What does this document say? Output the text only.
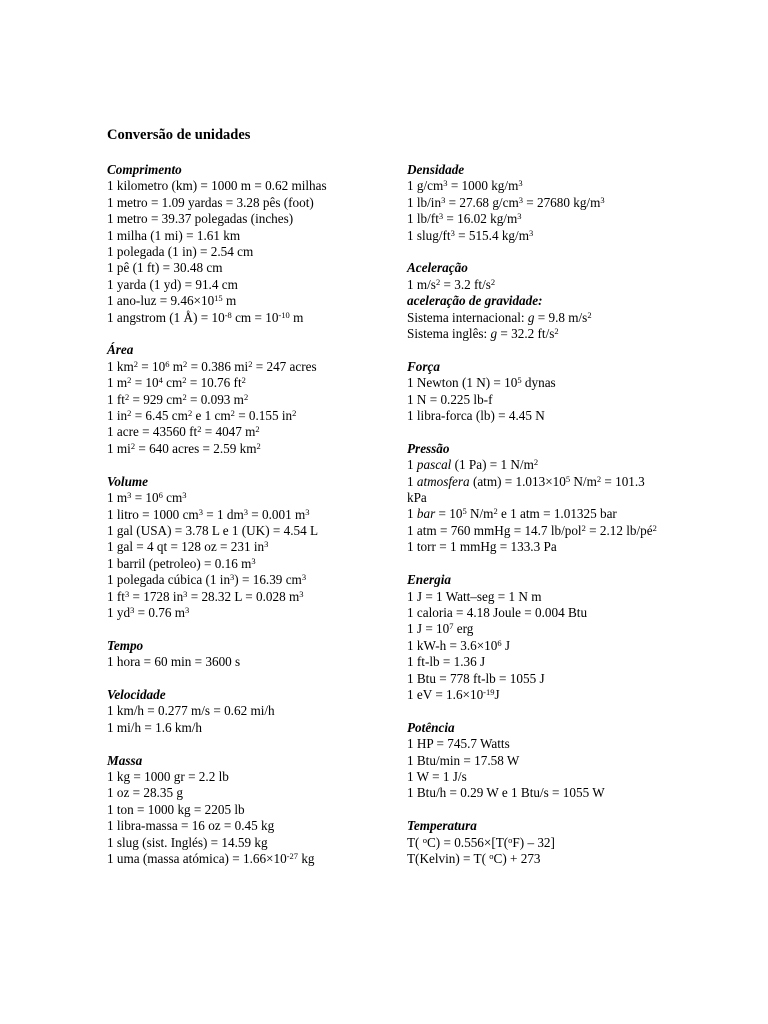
Conversão de unidades
Comprimento
1 kilometro (km) = 1000 m = 0.62 milhas
1 metro = 1.09 yardas = 3.28 pês (foot)
1 metro = 39.37 polegadas (inches)
1 milha (1 mi) = 1.61 km
1 polegada (1 in) = 2.54 cm
1 pê (1 ft) = 30.48 cm
1 yarda (1 yd) = 91.4 cm
1 $ano-luz = 9.46\times 10^{15}$ m
1 angstrom (1 Å) = $10^{-8}$ cm = $10^{-10}$ m
Área
1 $km^2 = 10^6$ $m^2 = 0.386$ $mi^2 = 247$ acres
1 $m^2 = 10^4$ $cm^2 = 10.76$ $ft^2$
1 $ft^2 = 929$ $cm^2 = 0.093$ $m^2$
1 $in^2 = 6.45$ $cm^2$ e 1 $cm^2 = 0.155$ $in^2$
1 acre = 43560 $ft^2 = 4047$ $m^2$
1 $mi^2 = 640$ acres = 2.59 $km^2$
Volume
1 $m^3 = 10^6$ $cm^3$
1 litro = 1000 $cm^3 = 1$ $dm^3 = 0.001$ $m^3$
1 gal (USA) = 3.78 L e 1 (UK) = 4.54 L
1 gal = 4 qt = 128 oz = 231 $in^3$
1 barril (petroleo) = 0.16 $m^3$
1 polegada cúbica (1 $in^3) = 16.39$ $cm^3$
1 $ft^3 = 1728$ $in^3 = 28.32$ L = 0.028 $m^3$
1 $yd^3 = 0.76$ $m^3$
Tempo
1 hora = 60 min = 3600 s
Velocidade
1 km/h = 0.277 m/s = 0.62 mi/h
1 mi/h = 1.6 km/h
Massa
1 kg = 1000 gr = 2.2 lb
1 oz = 28.35 g
1 ton = 1000 kg = 2205 lb
1 libra-massa = 16 oz = 0.45 kg
1 slug (sist. Inglés) = 14.59 kg
1 uma (massa atómica) = $1.66\times 10^{-27}$ kg
Densidade
1 $g/cm^3 = 1000$ $kg/m^3$
1 $lb/in^3 = 27.68$ $g/cm^3 = 27680$ $kg/m^3$
1 $lb/ft^3 = 16.02$ $kg/m^3$
1 slug/$ft^3 = 515.4$ $kg/m^3$
Aceleração
1 $m/s^2 = 3.2$ $ft/s^2$
aceleração de gravidade:
Sistema internacional: g = 9.8 $m/s^2$
Sistema inglês: g = 32.2 $ft/s^2$
Força
1 Newton (1 $N) = 10^5$ dynas
1 N = 0.225 lb-f
1 libra-forca (lb) = 4.45 N
Pressão
1 pascal (1 Pa) = 1 $N/m^2$
1 atmosfera $(atm) = 1.013\times 10^5$ $N/m^2 = 101.3$ kPa
1 bar = $10^5$ $N/m^2$ e 1 atm = 1.01325 bar
1 atm = 760 mmHg = 14.7 lb/pol$^2$ = 2.12 $lb/pé^2$
1 torr = 1 mmHg = 133.3 Pa
Energia
1 J = 1 Watt–seg = 1 N m
1 caloria = 4.18 Joule = 0.004 Btu
1 $J = 10^7$ erg
1 $kW-h = 3.6\times 10^6$ J
1 ft-lb = 1.36 J
1 Btu = 778 ft-lb = 1055 J
1 eV = $1.6\times 10^{-19}J$
Potência
1 HP = 745.7 Watts
1 Btu/min = 17.58 W
1 W = 1 J/s
1 Btu/h = 0.29 W e 1 Btu/s = 1055 W
Temperatura
T( $^o$C) = 0.556×[T($^o$F) – 32]
T(Kelvin) = T( $^o$C) + 273
